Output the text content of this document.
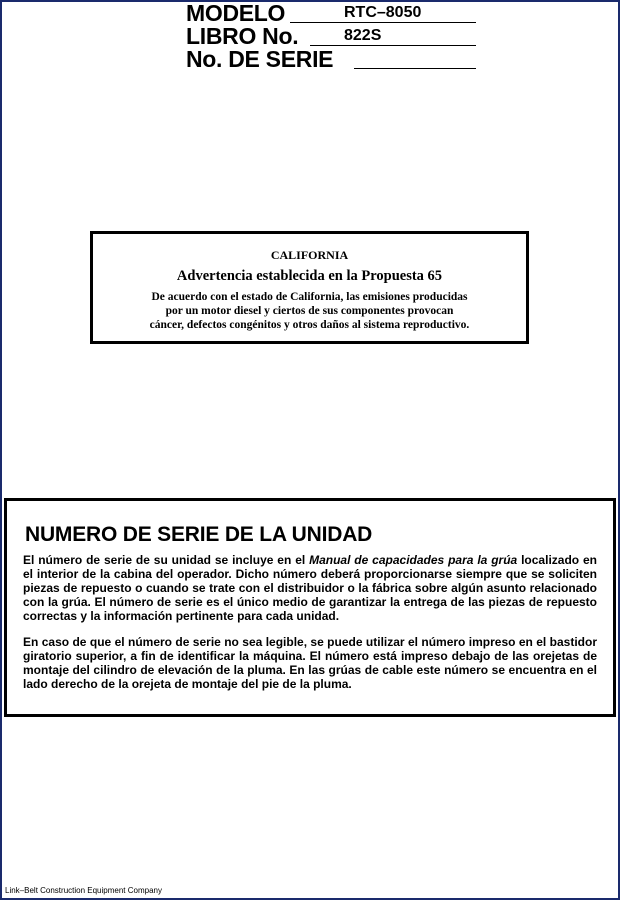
MODELO	RTC–8050
LIBRO No.	822S
No. DE SERIE
CALIFORNIA
Advertencia establecida en la Propuesta 65
De acuerdo con el estado de California, las emisiones producidas
por un motor diesel y ciertos de sus componentes provocan
cáncer, defectos congénitos y otros daños al sistema reproductivo.
NUMERO DE SERIE DE LA UNIDAD

El número de serie de su unidad se incluye en el Manual de capacidades para la grúa localizado en el interior de la cabina del operador. Dicho número deberá proporcionarse siempre que se soliciten piezas de repuesto o cuando se trate con el distribuidor o la fábrica sobre algún asunto relacionado con la grúa. El número de serie es el único medio de garantizar la entrega de las piezas de repuesto correctas y la información pertinente para cada unidad.

En caso de que el número de serie no sea legible, se puede utilizar el número impreso en el bastidor giratorio superior, a fin de identificar la máquina. El número está impreso debajo de las orejetas de montaje del cilindro de elevación de la pluma. En las grúas de cable este número se encuentra en el lado derecho de la orejeta de montaje del pie de la pluma.

Link–Belt Construction Equipment Company
